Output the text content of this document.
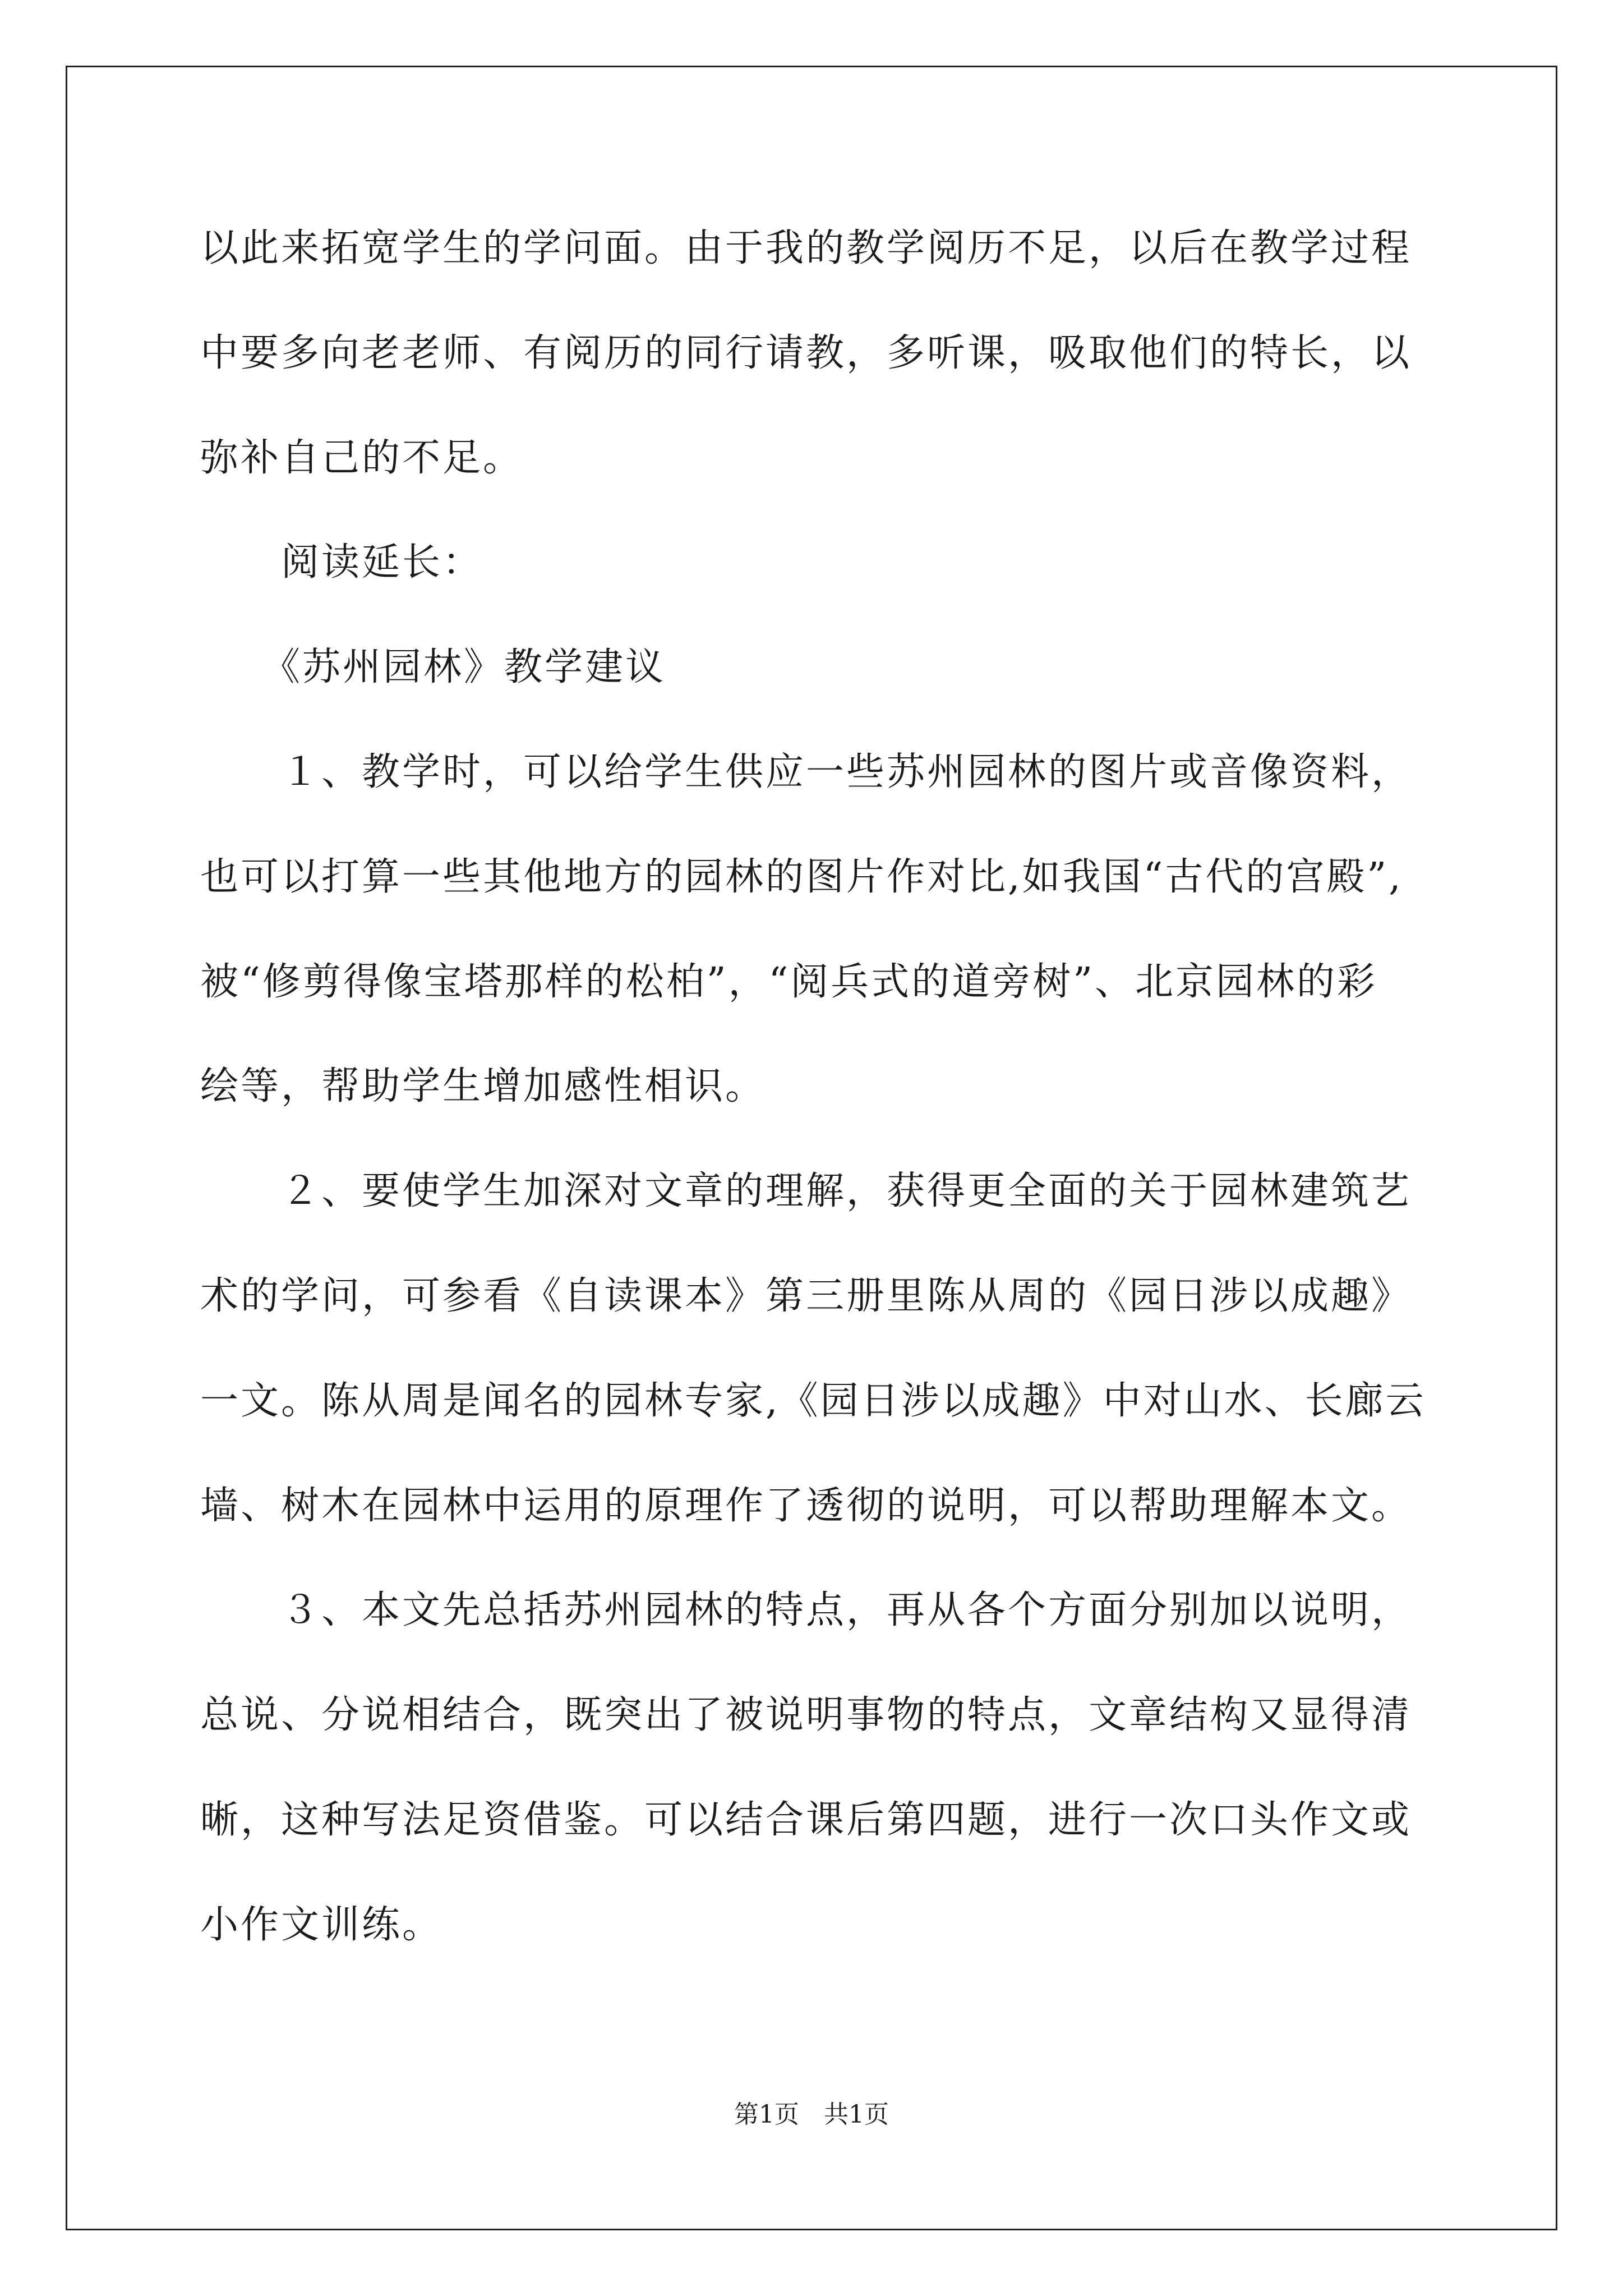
以此来拓宽学生的学问面。由于我的教学阅历不足，以后在教学过程

中要多向老老师、有阅历的同行请教，多听课，吸取他们的特长，以

弥补自己的不足。

　　阅读延长：

　　《苏州园林》教学建议

　　１、教学时，可以给学生供应一些苏州园林的图片或音像资料，

也可以打算一些其他地方的园林的图片作对比,如我国“古代的宫殿”,

被“修剪得像宝塔那样的松柏”，“阅兵式的道旁树”、北京园林的彩

绘等，帮助学生增加感性相识。

　　２、要使学生加深对文章的理解，获得更全面的关于园林建筑艺

术的学问，可参看《自读课本》第三册里陈从周的《园日涉以成趣》

一文。陈从周是闻名的园林专家,《园日涉以成趣》中对山水、长廊云

墙、树木在园林中运用的原理作了透彻的说明，可以帮助理解本文。

　　３、本文先总括苏州园林的特点，再从各个方面分别加以说明，

总说、分说相结合，既突出了被说明事物的特点，文章结构又显得清

晰，这种写法足资借鉴。可以结合课后第四题，进行一次口头作文或

小作文训练。

第1页　共1页
